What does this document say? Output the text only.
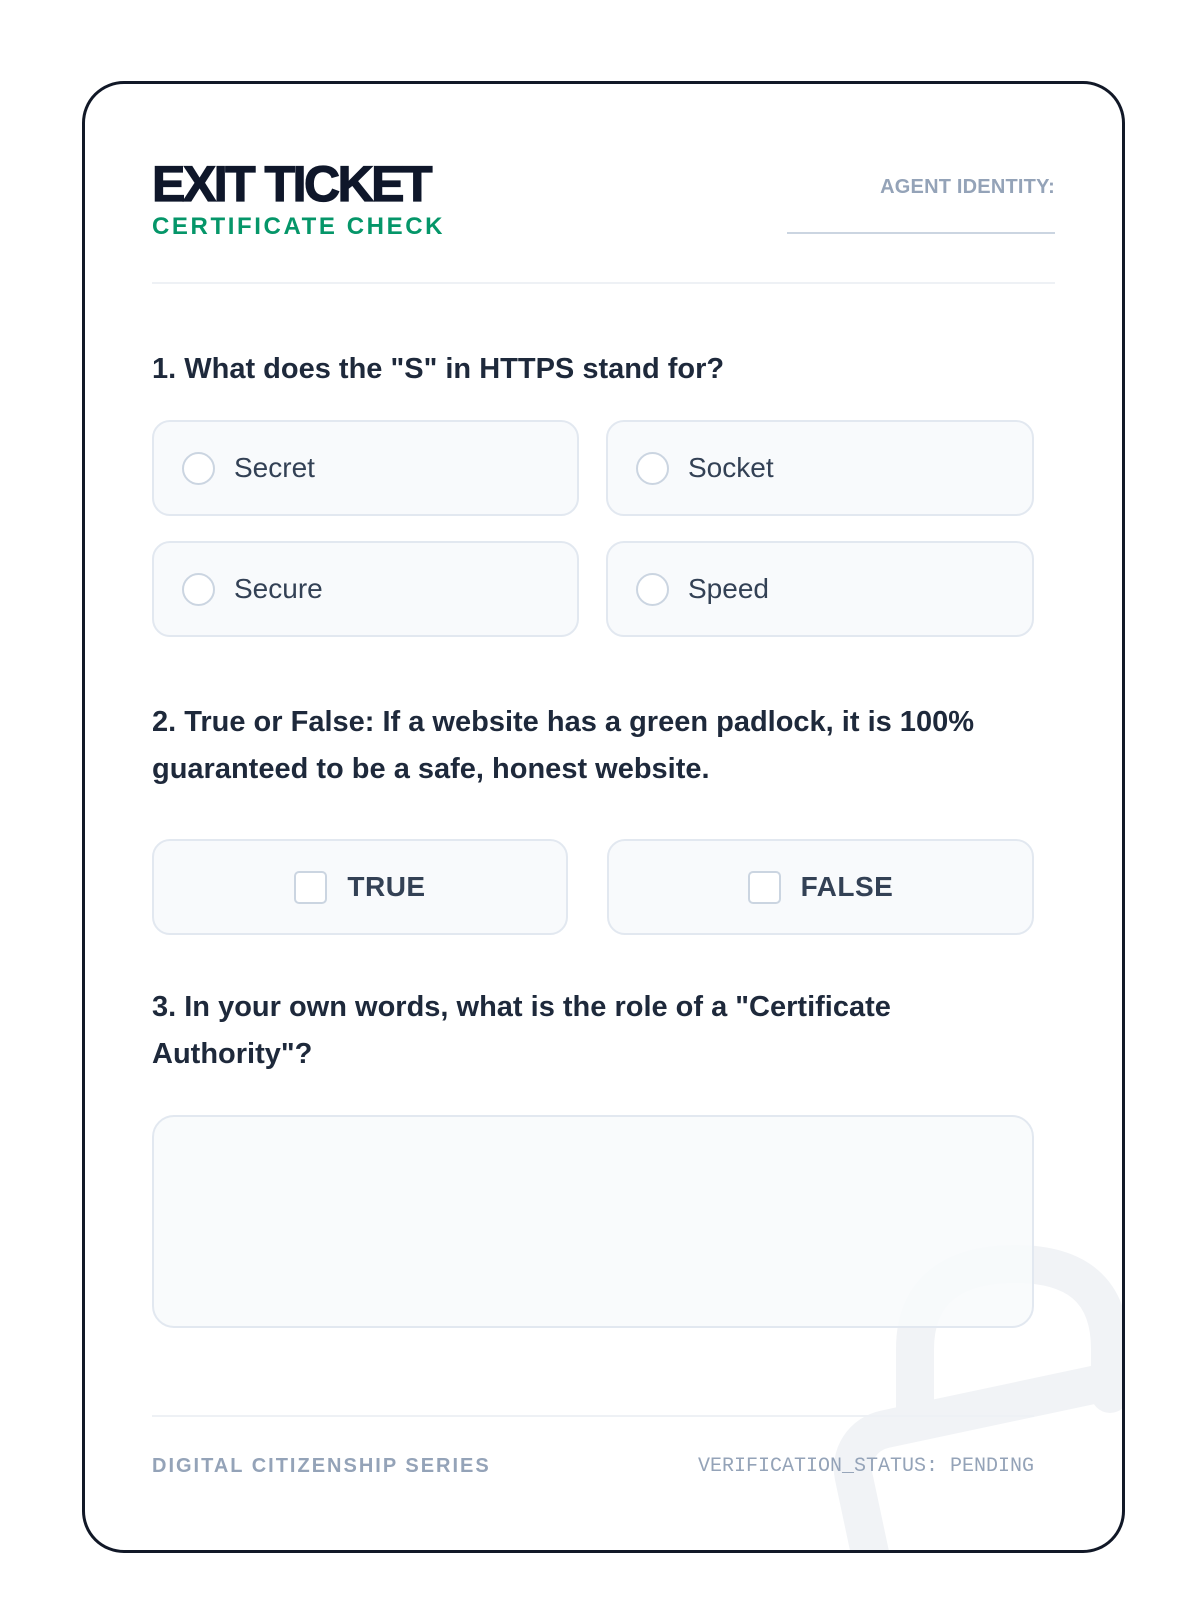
EXIT TICKET
CERTIFICATE CHECK
AGENT IDENTITY:

1. What does the "S" in HTTPS stand for?

Secret	Socket
Secure	Speed

2. True or False: If a website has a green padlock, it is 100% guaranteed to be a safe, honest website.

TRUE	FALSE

3. In your own words, what is the role of a "Certificate Authority"?

DIGITAL CITIZENSHIP SERIES	VERIFICATION_STATUS: PENDING
